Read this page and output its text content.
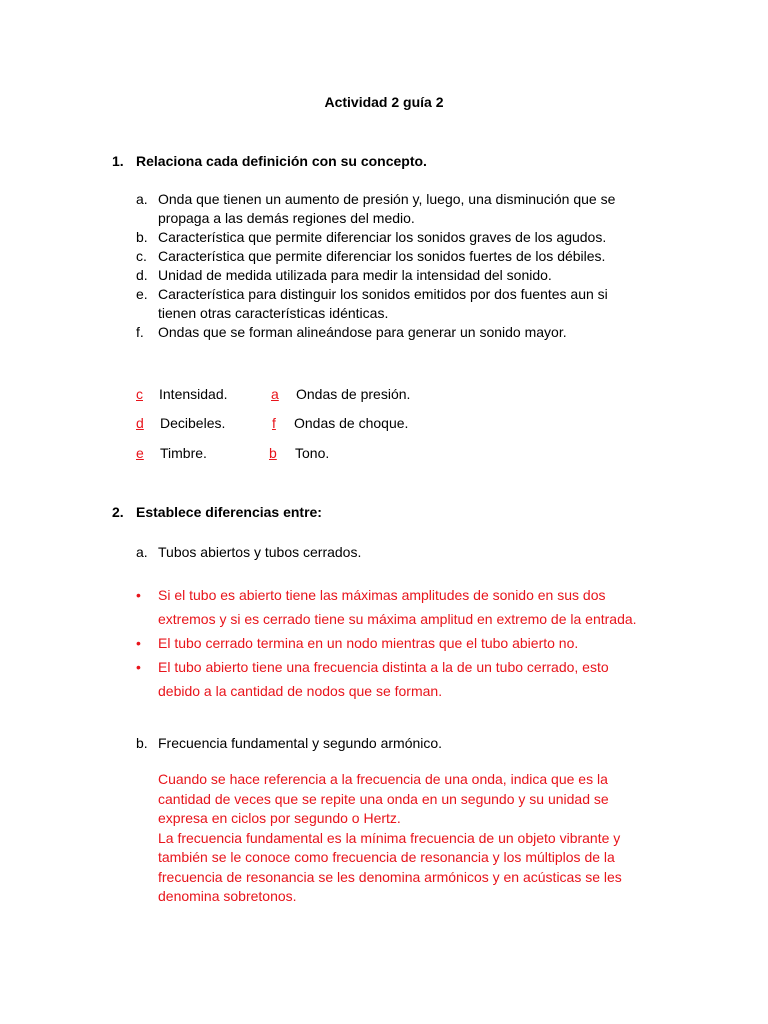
Actividad 2 guía 2
1. Relaciona cada definición con su concepto.
a. Onda que tienen un aumento de presión y, luego, una disminución que se
propaga a las demás regiones del medio.
b. Característica que permite diferenciar los sonidos graves de los agudos.
c. Característica que permite diferenciar los sonidos fuertes de los débiles.
d. Unidad de medida utilizada para medir la intensidad del sonido.
e. Característica para distinguir los sonidos emitidos por dos fuentes aun si
tienen otras características idénticas.
f. Ondas que se forman alineándose para generar un sonido mayor.
c Intensidad.	a Ondas de presión.
d Decibeles.	f Ondas de choque.
e Timbre.	b Tono.
2. Establece diferencias entre:
a. Tubos abiertos y tubos cerrados.
• Si el tubo es abierto tiene las máximas amplitudes de sonido en sus dos
extremos y si es cerrado tiene su máxima amplitud en extremo de la entrada.
• El tubo cerrado termina en un nodo mientras que el tubo abierto no.
• El tubo abierto tiene una frecuencia distinta a la de un tubo cerrado, esto
debido a la cantidad de nodos que se forman.
b. Frecuencia fundamental y segundo armónico.
Cuando se hace referencia a la frecuencia de una onda, indica que es la
cantidad de veces que se repite una onda en un segundo y su unidad se
expresa en ciclos por segundo o Hertz.
La frecuencia fundamental es la mínima frecuencia de un objeto vibrante y
también se le conoce como frecuencia de resonancia y los múltiplos de la
frecuencia de resonancia se les denomina armónicos y en acústicas se les
denomina sobretonos.
